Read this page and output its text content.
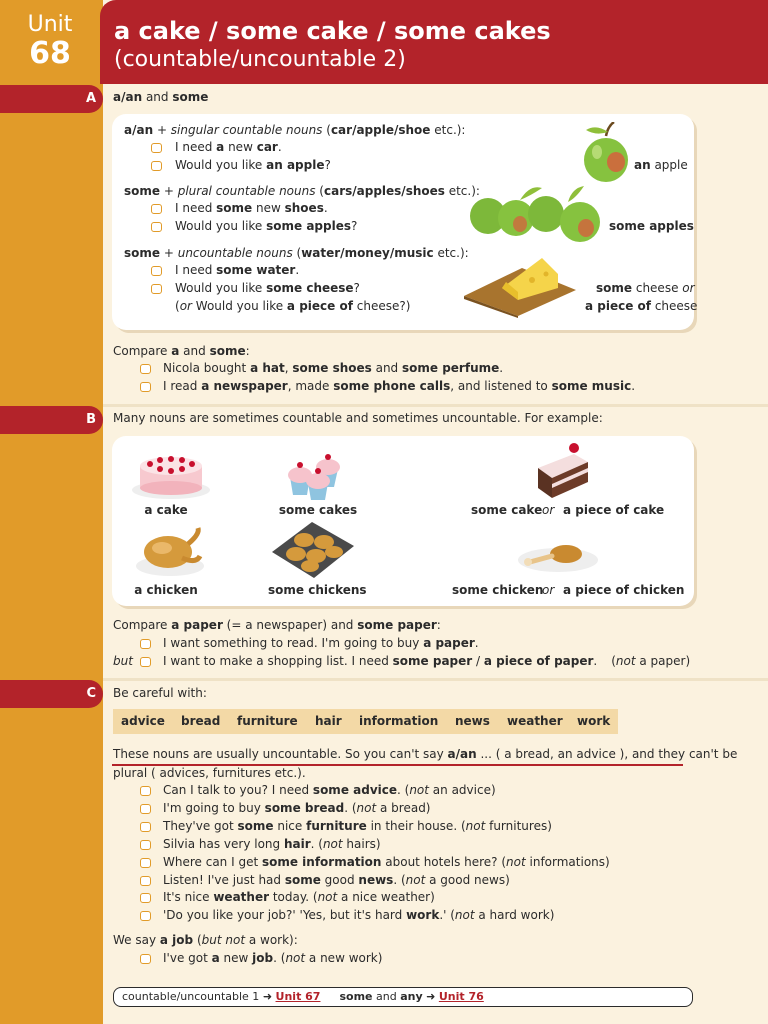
Unit
68
a cake / some cake / some cakes
(countable/uncountable 2)
A a/an and some
a/an + singular countable nouns (car/apple/shoe etc.):
I need a new car.
Would you like an apple?
some + plural countable nouns (cars/apples/shoes etc.):
I need some new shoes.
Would you like some apples?
some + uncountable nouns (water/money/music etc.):
I need some water.
Would you like some cheese?
(or Would you like a piece of cheese?)
an apple
some apples
some cheese or
a piece of cheese
Compare a and some:
Nicola bought a hat, some shoes and some perfume.
I read a newspaper, made some phone calls, and listened to some music.
B Many nouns are sometimes countable and sometimes uncountable. For example:
a cake	some cakes	some cake or a piece of cake
a chicken	some chickens	some chicken
or a piece of chicken
Compare a paper (= a newspaper) and some paper:
I want something to read. I'm going to buy a paper.
but	I want to make a shopping list. I need some paper / a piece of paper. (not a paper)
C Be careful with:
advice bread furniture hair information news weather work
These nouns are usually uncountable. So you can't say a/an ... ( a bread, an advice ), and they can't be
plural ( advices, furnitures etc.).
Can I talk to you? I need some advice. (not an advice)
I'm going to buy some bread. (not a bread)
They've got some nice furniture in their house. (not furnitures)
Silvia has very long hair. (not hairs)
Where can I get some information about hotels here? (not informations)
Listen! I've just had some good news. (not a good news)
It's nice weather today. (not a nice weather)
'Do you like your job?' 'Yes, but it's hard work.' (not a hard work)
We say a job (but not a work):
I've got a new job. (not a new work)
countable/uncountable 1 ➜ Unit 67 some and any ➜ Unit 76
